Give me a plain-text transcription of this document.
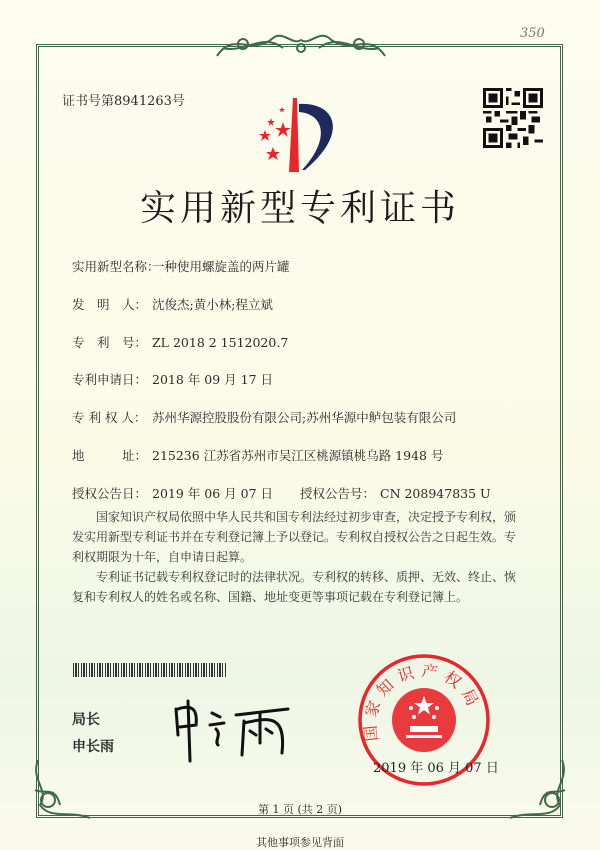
350
证书号第8941263号
实用新型专利证书
实用新型名称：一种使用螺旋盖的两片罐
发　明　人： 沈俊杰;黄小林;程立斌
专　利　号： ZL 2018 2 1512020.7
专利申请日： 2018 年 09 月 17 日
专 利 权 人： 苏州华源控股股份有限公司;苏州华源中鲈包装有限公司
地　　　址： 215236 江苏省苏州市吴江区桃源镇桃乌路 1948 号
授权公告日： 2019 年 06 月 07 日 授权公告号： CN 208947835 U
国家知识产权局依照中华人民共和国专利法经过初步审查，决定授予专利权，颁发实用新型专利证书并在专利登记簿上予以登记。专利权自授权公告之日起生效。专利权期限为十年，自申请日起算。
专利证书记载专利权登记时的法律状况。专利权的转移、质押、无效、终止、恢复和专利权人的姓名或名称、国籍、地址变更等事项记载在专利登记簿上。
局长
申长雨
国家知识产权局
2019 年 06 月 07 日
第 1 页 (共 2 页)
其他事项参见背面
